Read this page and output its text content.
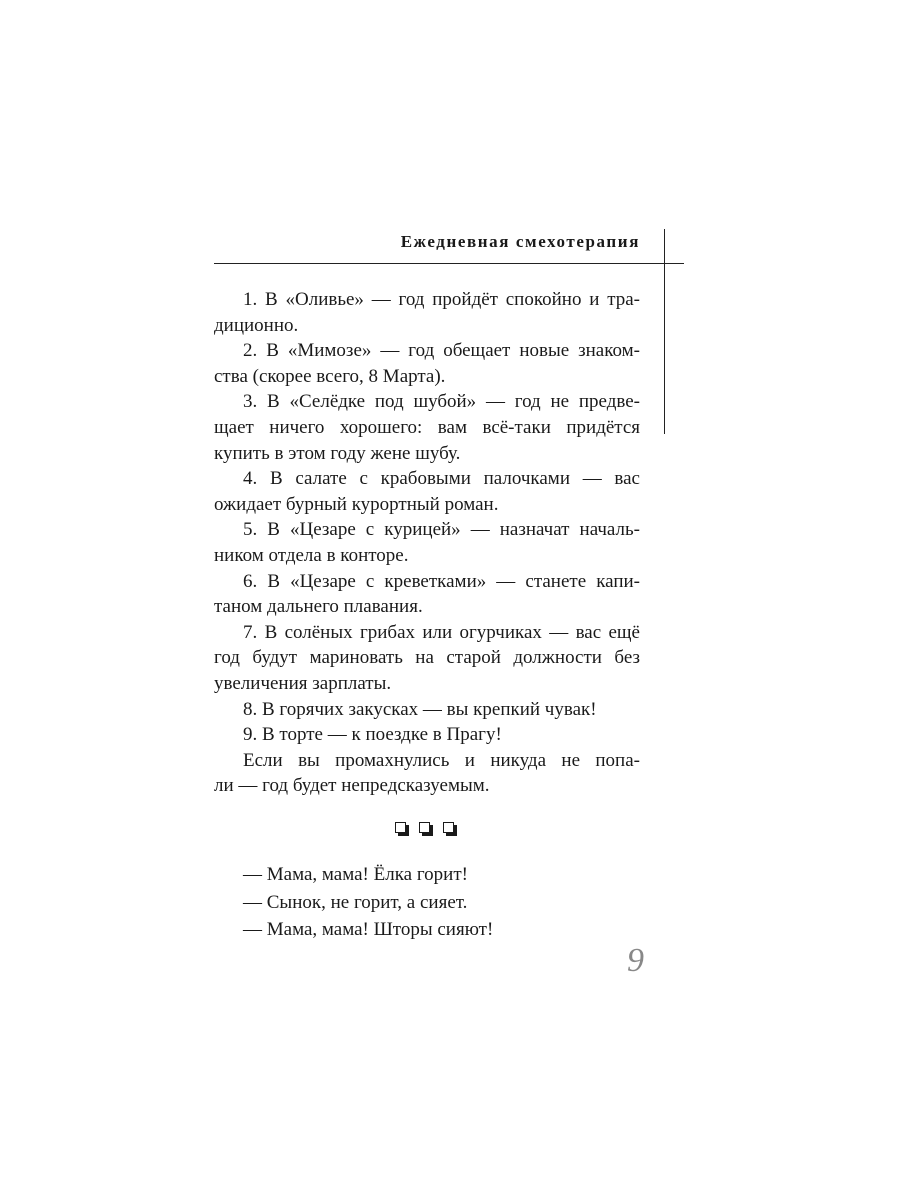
Ежедневная смехотерапия

1. В «Оливье» — год пройдёт спокойно и тра-

диционно.

2. В «Мимозе» — год обещает новые знаком-

ства (скорее всего, 8 Марта).

3. В «Селёдке под шубой» — год не предве-

щает ничего хорошего: вам всё-таки придётся

купить в этом году жене шубу.

4. В салате с крабовыми палочками — вас

ожидает бурный курортный роман.

5. В «Цезаре с курицей» — назначат началь-

ником отдела в конторе.

6. В «Цезаре с креветками» — станете капи-

таном дальнего плавания.

7. В солёных грибах или огурчиках — вас ещё

год будут мариновать на старой должности без

увеличения зарплаты.

8. В горячих закусках — вы крепкий чувак!

9. В торте — к поездке в Прагу!

Если вы промахнулись и никуда не попа-

ли — год будет непредсказуемым.

— Мама, мама! Ёлка горит!

— Сынок, не горит, а сияет.

— Мама, мама! Шторы сияют!

9
